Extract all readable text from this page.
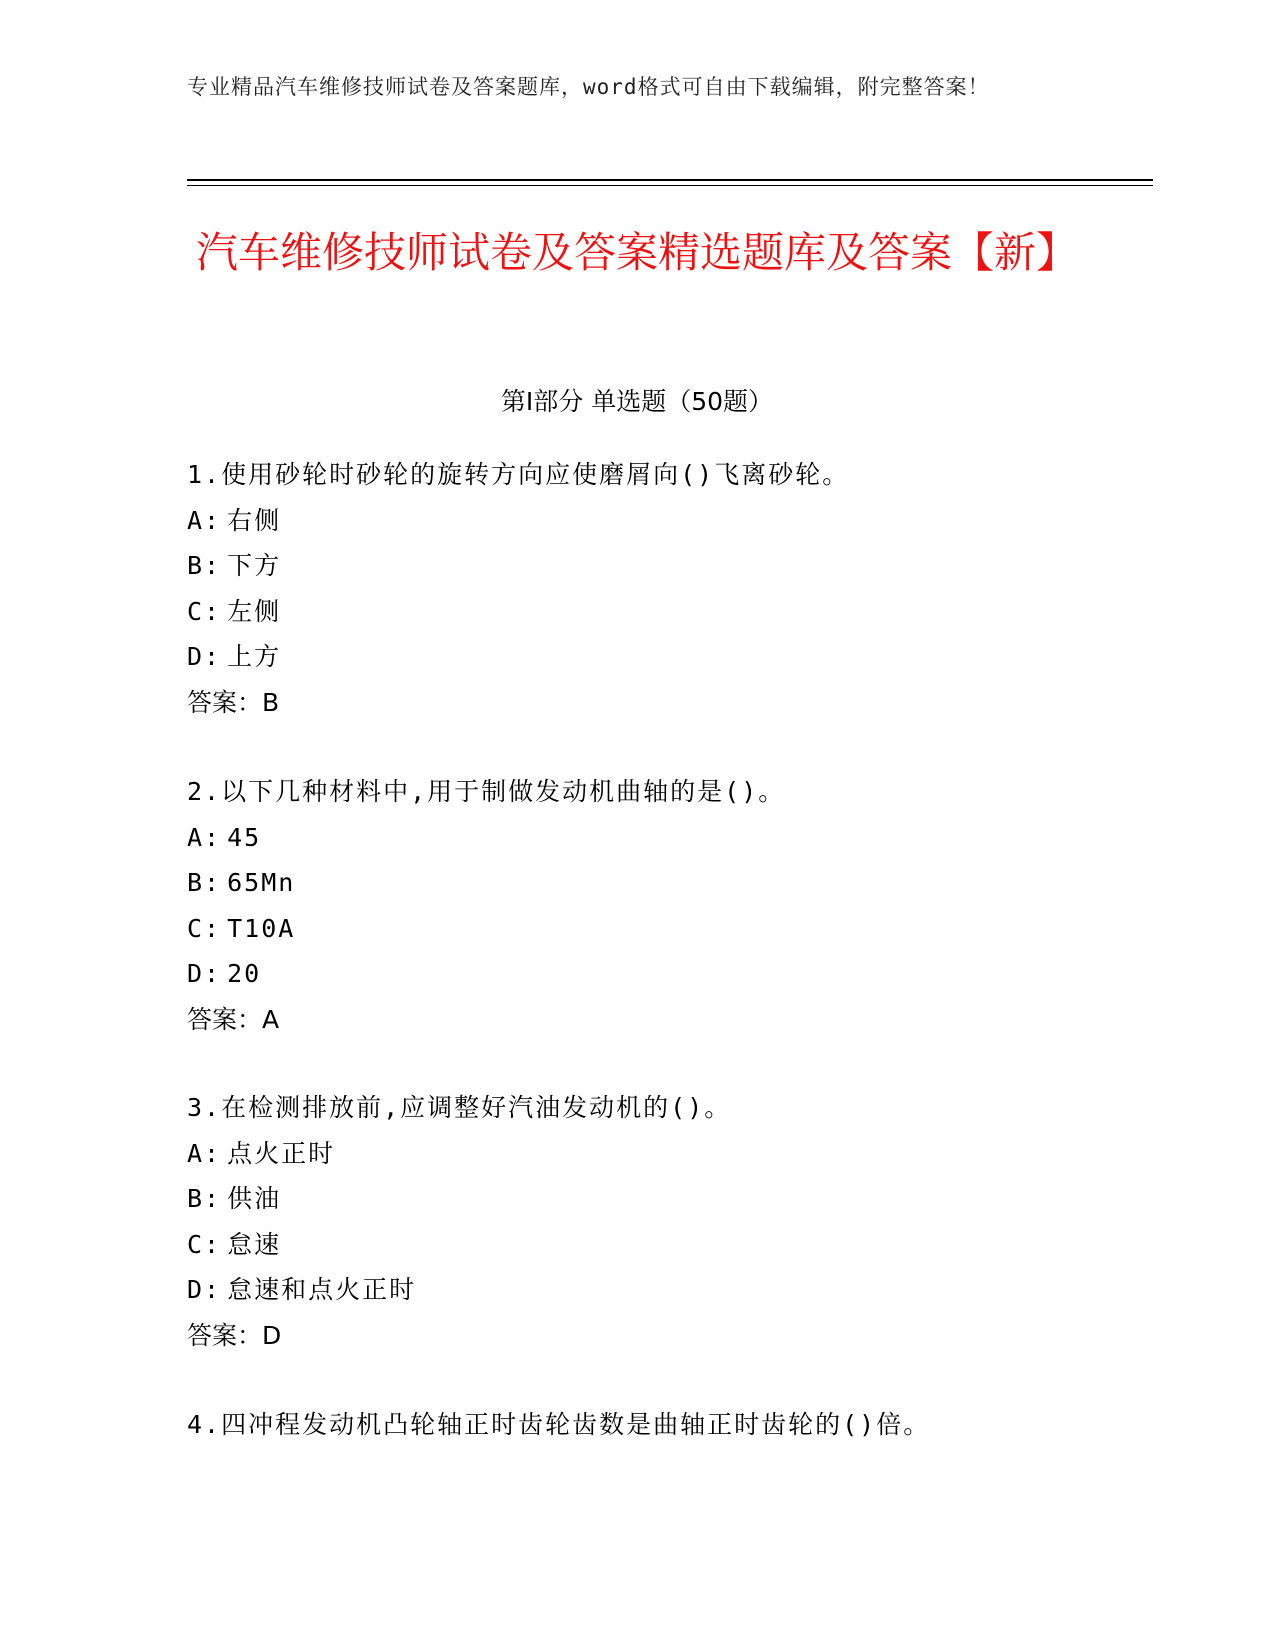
专业精品汽车维修技师试卷及答案题库，word格式可自由下载编辑，附完整答案！
汽车维修技师试卷及答案精选题库及答案【新】
第I部分 单选题（50题）
1.使用砂轮时砂轮的旋转方向应使磨屑向()飞离砂轮。
A: 右侧
B: 下方
C: 左侧
D: 上方
答案：B
2.以下几种材料中,用于制做发动机曲轴的是()。
A: 45
B: 65Mn
C: T10A
D: 20
答案：A
3.在检测排放前,应调整好汽油发动机的()。
A: 点火正时
B: 供油
C: 怠速
D: 怠速和点火正时
答案：D
4.四冲程发动机凸轮轴正时齿轮齿数是曲轴正时齿轮的()倍。
